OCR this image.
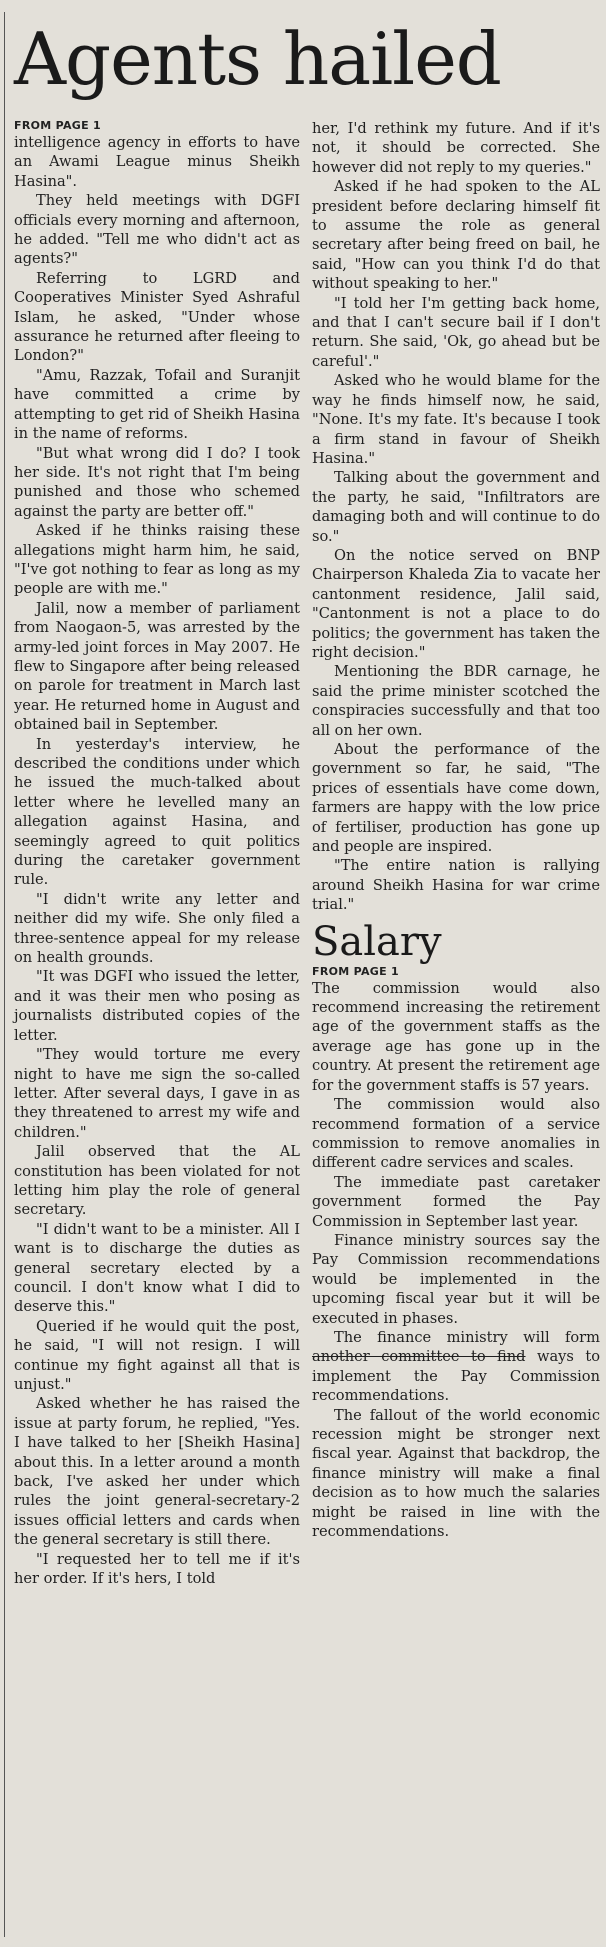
Agents hailed

FROM PAGE 1

intelligence agency in efforts to have an Awami League minus Sheikh Hasina".

They held meetings with DGFI officials every morning and afternoon, he added. "Tell me who didn't act as agents?"

Referring to LGRD and Cooperatives Minister Syed Ashraful Islam, he asked, "Under whose assurance he returned after fleeing to London?"

"Amu, Razzak, Tofail and Suranjit have committed a crime by attempting to get rid of Sheikh Hasina in the name of reforms.

"But what wrong did I do? I took her side. It's not right that I'm being punished and those who schemed against the party are better off."

Asked if he thinks raising these allegations might harm him, he said, "I've got nothing to fear as long as my people are with me."

Jalil, now a member of parliament from Naogaon-5, was arrested by the army-led joint forces in May 2007. He flew to Singapore after being released on parole for treatment in March last year. He returned home in August and obtained bail in September.

In yesterday's interview, he described the conditions under which he issued the much-talked about letter where he levelled many an allegation against Hasina, and seemingly agreed to quit politics during the caretaker government rule.

"I didn't write any letter and neither did my wife. She only filed a three-sentence appeal for my release on health grounds.

"It was DGFI who issued the letter, and it was their men who posing as journalists distributed copies of the letter.

"They would torture me every night to have me sign the so-called letter. After several days, I gave in as they threatened to arrest my wife and children."

Jalil observed that the AL constitution has been violated for not letting him play the role of general secretary.

"I didn't want to be a minister. All I want is to discharge the duties as general secretary elected by a council. I don't know what I did to deserve this."

Queried if he would quit the post, he said, "I will not resign. I will continue my fight against all that is unjust."

Asked whether he has raised the issue at party forum, he replied, "Yes. I have talked to her [Sheikh Hasina] about this. In a letter around a month back, I've asked her under which rules the joint general-secretary-2 issues official letters and cards when the general secretary is still there.

"I requested her to tell me if it's her order. If it's hers, I told

her, I'd rethink my future. And if it's not, it should be corrected. She however did not reply to my queries."

Asked if he had spoken to the AL president before declaring himself fit to assume the role as general secretary after being freed on bail, he said, "How can you think I'd do that without speaking to her."

"I told her I'm getting back home, and that I can't secure bail if I don't return. She said, 'Ok, go ahead but be careful'."

Asked who he would blame for the way he finds himself now, he said, "None. It's my fate. It's because I took a firm stand in favour of Sheikh Hasina."

Talking about the government and the party, he said, "Infiltrators are damaging both and will continue to do so."

On the notice served on BNP Chairperson Khaleda Zia to vacate her cantonment residence, Jalil said, "Cantonment is not a place to do politics; the government has taken the right decision."

Mentioning the BDR carnage, he said the prime minister scotched the conspiracies successfully and that too all on her own.

About the performance of the government so far, he said, "The prices of essentials have come down, farmers are happy with the low price of fertiliser, production has gone up and people are inspired.

"The entire nation is rallying around Sheikh Hasina for war crime trial."

Salary

FROM PAGE 1

The commission would also recommend increasing the retirement age of the government staffs as the average age has gone up in the country. At present the retirement age for the government staffs is 57 years.

The commission would also recommend formation of a service commission to remove anomalies in different cadre services and scales.

The immediate past caretaker government formed the Pay Commission in September last year.

Finance ministry sources say the Pay Commission recommendations would be implemented in the upcoming fiscal year but it will be executed in phases.

The finance ministry will form another committee to find ways to implement the Pay Commission recommendations.

The fallout of the world economic recession might be stronger next fiscal year. Against that backdrop, the finance ministry will make a final decision as to how much the salaries might be raised in line with the recommendations.
